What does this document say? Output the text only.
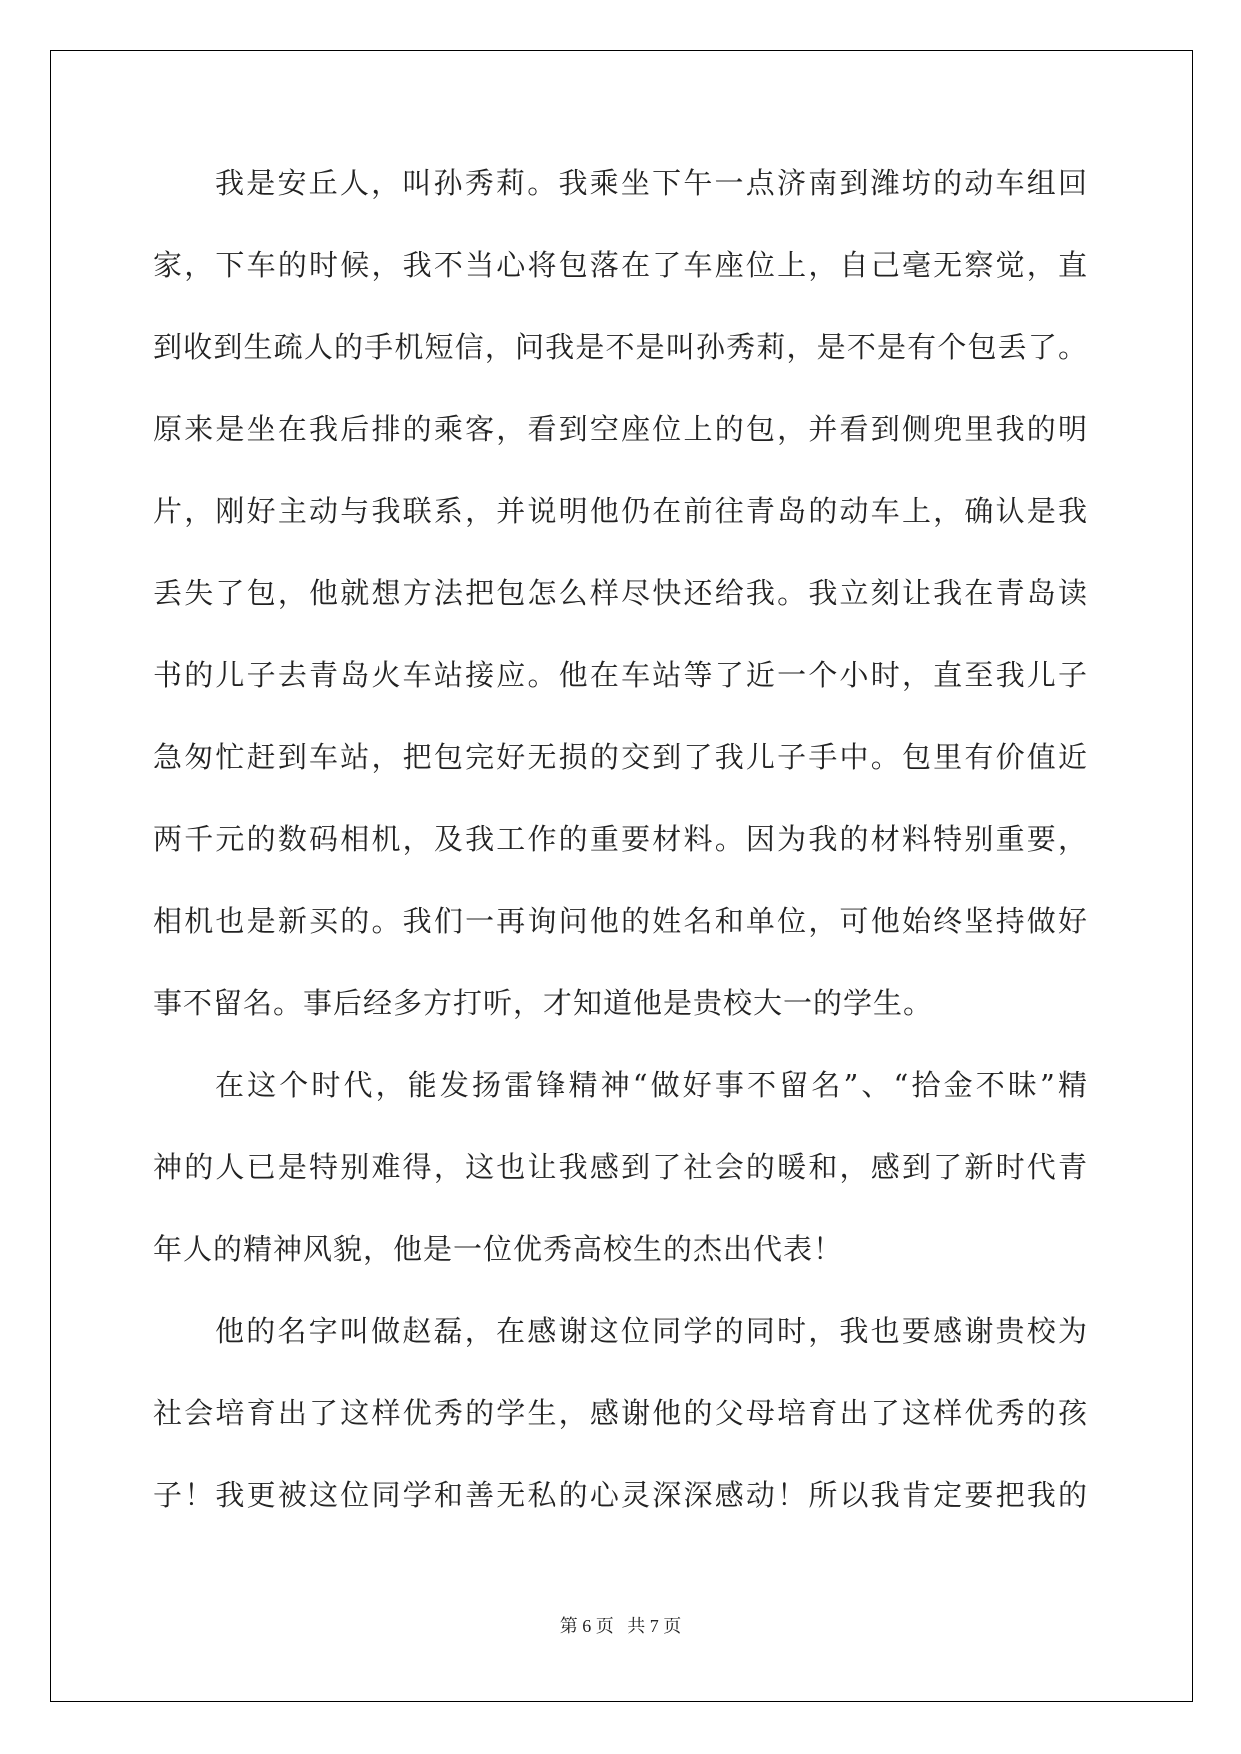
我是安丘人，叫孙秀莉。我乘坐下午一点济南到潍坊的动车组回
家，下车的时候，我不当心将包落在了车座位上，自己毫无察觉，直
到收到生疏人的手机短信，问我是不是叫孙秀莉，是不是有个包丢了。
原来是坐在我后排的乘客，看到空座位上的包，并看到侧兜里我的明
片，刚好主动与我联系，并说明他仍在前往青岛的动车上，确认是我
丢失了包，他就想方法把包怎么样尽快还给我。我立刻让我在青岛读
书的儿子去青岛火车站接应。他在车站等了近一个小时，直至我儿子
急匆忙赶到车站，把包完好无损的交到了我儿子手中。包里有价值近
两千元的数码相机，及我工作的重要材料。因为我的材料特别重要，
相机也是新买的。我们一再询问他的姓名和单位，可他始终坚持做好
事不留名。事后经多方打听，才知道他是贵校大一的学生。
在这个时代，能发扬雷锋精神“做好事不留名”、“拾金不昧”精
神的人已是特别难得，这也让我感到了社会的暖和，感到了新时代青
年人的精神风貌，他是一位优秀高校生的杰出代表！
他的名字叫做赵磊，在感谢这位同学的同时，我也要感谢贵校为
社会培育出了这样优秀的学生，感谢他的父母培育出了这样优秀的孩
子！我更被这位同学和善无私的心灵深深感动！所以我肯定要把我的
第 6 页   共 7 页
